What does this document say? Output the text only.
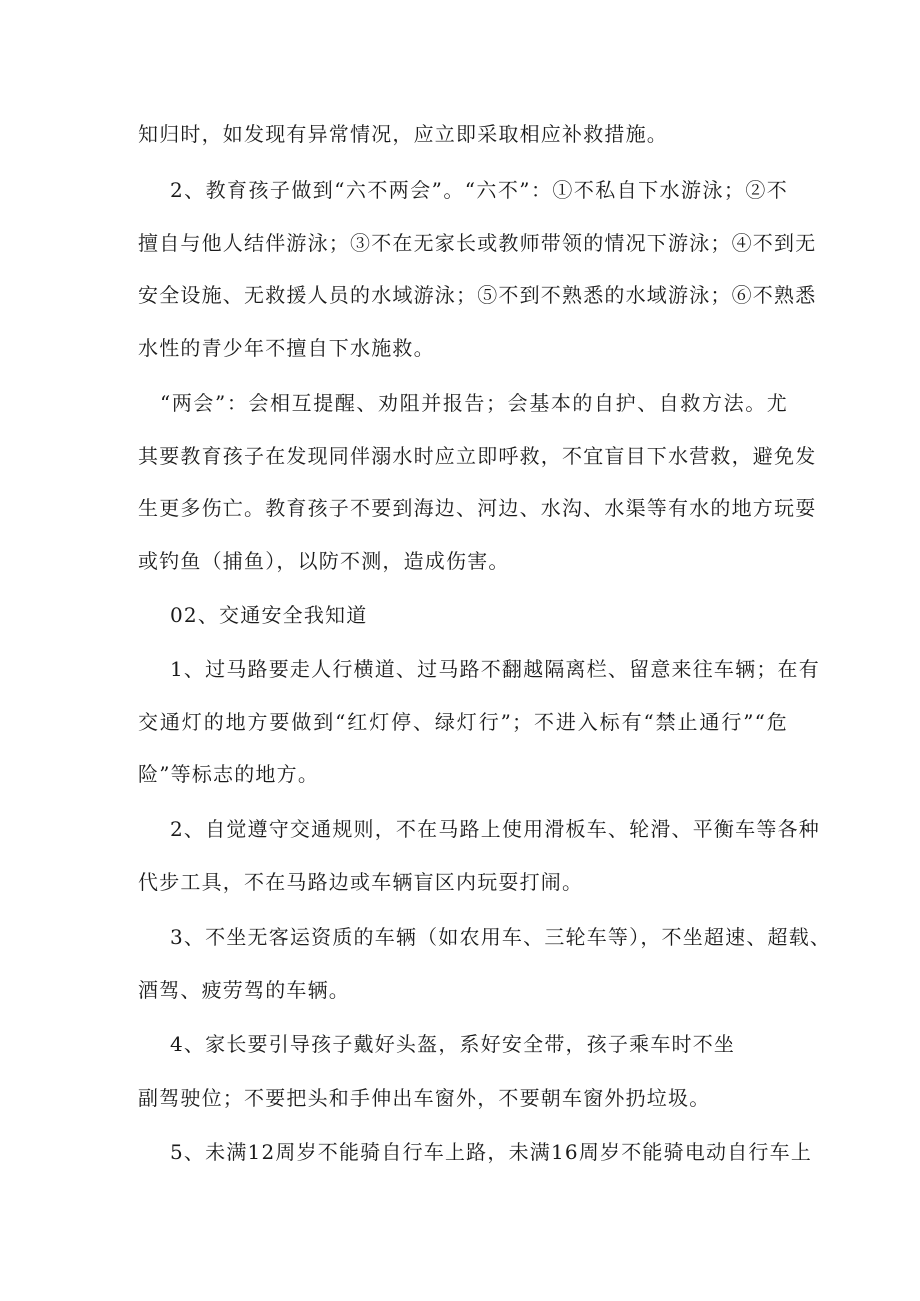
知归时，如发现有异常情况，应立即采取相应补救措施。
2、教育孩子做到“六不两会”。“六不”：①不私自下水游泳；②不
擅自与他人结伴游泳；③不在无家长或教师带领的情况下游泳；④不到无
安全设施、无救援人员的水域游泳；⑤不到不熟悉的水域游泳；⑥不熟悉
水性的青少年不擅自下水施救。
“两会”：会相互提醒、劝阻并报告；会基本的自护、自救方法。尤
其要教育孩子在发现同伴溺水时应立即呼救，不宜盲目下水营救，避免发
生更多伤亡。教育孩子不要到海边、河边、水沟、水渠等有水的地方玩耍
或钓鱼（捕鱼），以防不测，造成伤害。
02、交通安全我知道
1、过马路要走人行横道、过马路不翻越隔离栏、留意来往车辆；在有
交通灯的地方要做到“红灯停、绿灯行”；不进入标有“禁止通行”“危
险”等标志的地方。
2、自觉遵守交通规则，不在马路上使用滑板车、轮滑、平衡车等各种
代步工具，不在马路边或车辆盲区内玩耍打闹。
3、不坐无客运资质的车辆（如农用车、三轮车等），不坐超速、超载、
酒驾、疲劳驾的车辆。
4、家长要引导孩子戴好头盔，系好安全带，孩子乘车时不坐
副驾驶位；不要把头和手伸出车窗外，不要朝车窗外扔垃圾。
5、未满12周岁不能骑自行车上路，未满16周岁不能骑电动自行车上
